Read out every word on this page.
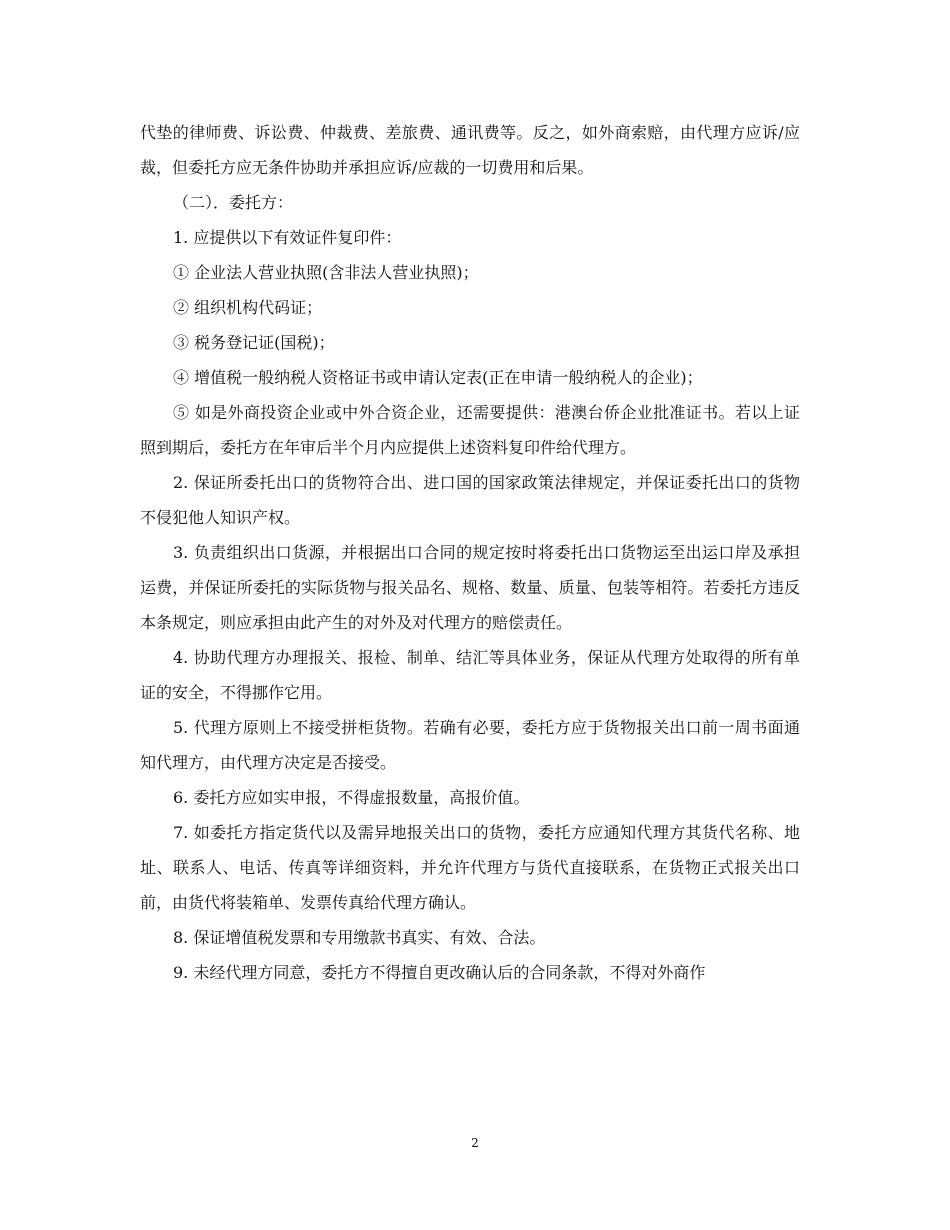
代垫的律师费、诉讼费、仲裁费、差旅费、通讯费等。反之，如外商索赔，由代理方应诉/应裁，但委托方应无条件协助并承担应诉/应裁的一切费用和后果。

（二）．委托方：

1. 应提供以下有效证件复印件：

① 企业法人营业执照(含非法人营业执照)；

② 组织机构代码证；

③ 税务登记证(国税)；

④ 增值税一般纳税人资格证书或申请认定表(正在申请一般纳税人的企业)；

⑤ 如是外商投资企业或中外合资企业，还需要提供：港澳台侨企业批准证书。若以上证照到期后，委托方在年审后半个月内应提供上述资料复印件给代理方。

2. 保证所委托出口的货物符合出、进口国的国家政策法律规定，并保证委托出口的货物不侵犯他人知识产权。

3. 负责组织出口货源，并根据出口合同的规定按时将委托出口货物运至出运口岸及承担运费，并保证所委托的实际货物与报关品名、规格、数量、质量、包装等相符。若委托方违反本条规定，则应承担由此产生的对外及对代理方的赔偿责任。

4. 协助代理方办理报关、报检、制单、结汇等具体业务，保证从代理方处取得的所有单证的安全，不得挪作它用。

5. 代理方原则上不接受拼柜货物。若确有必要，委托方应于货物报关出口前一周书面通知代理方，由代理方决定是否接受。

6. 委托方应如实申报，不得虚报数量，高报价值。

7. 如委托方指定货代以及需异地报关出口的货物，委托方应通知代理方其货代名称、地址、联系人、电话、传真等详细资料，并允许代理方与货代直接联系，在货物正式报关出口前，由货代将装箱单、发票传真给代理方确认。

8. 保证增值税发票和专用缴款书真实、有效、合法。

9. 未经代理方同意，委托方不得擅自更改确认后的合同条款，不得对外商作

2
